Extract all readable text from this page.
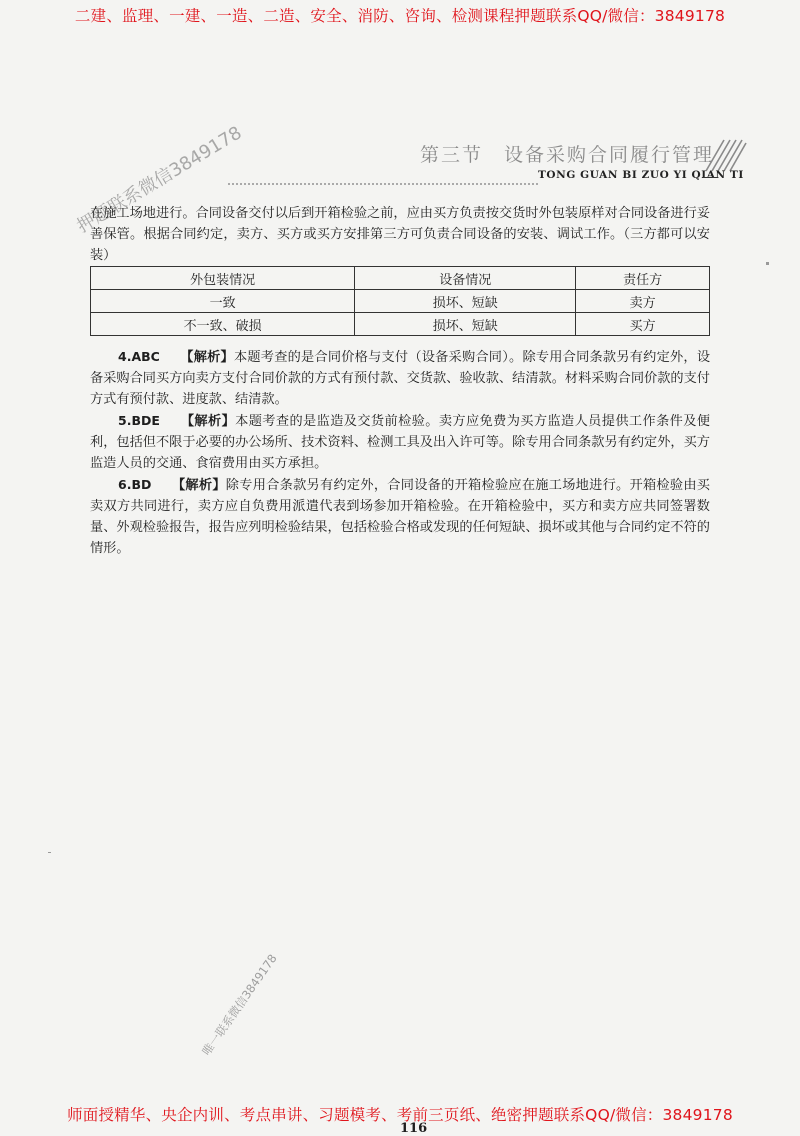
二建、监理、一建、一造、二造、安全、消防、咨询、检测课程押题联系QQ/微信：3849178
第三节　设备采购合同履行管理
TONG GUAN BI ZUO YI QIAN TI
押题联系微信3849178

在施工场地进行。合同设备交付以后到开箱检验之前，应由买方负责按交货时外包装原样对合同设备进行妥善保管。根据合同约定，卖方、买方或买方安排第三方可负责合同设备的安装、调试工作。（三方都可以安装）

外包装情况	设备情况	责任方
一致	损坏、短缺	卖方
不一致、破损	损坏、短缺	买方

4.ABC　　 【解析】本题考查的是合同价格与支付（设备采购合同）。除专用合同条款另有约定外，设备采购合同买方向卖方支付合同价款的方式有预付款、交货款、验收款、结清款。材料采购合同价款的支付方式有预付款、进度款、结清款。

5.BDE　　 【解析】本题考查的是监造及交货前检验。卖方应免费为买方监造人员提供工作条件及便利，包括但不限于必要的办公场所、技术资料、检测工具及出入许可等。除专用合同条款另有约定外，买方监造人员的交通、食宿费用由买方承担。

6.BD　　 【解析】除专用合条款另有约定外，合同设备的开箱检验应在施工场地进行。开箱检验由买卖双方共同进行，卖方应自负费用派遣代表到场参加开箱检验。在开箱检验中，买方和卖方应共同签署数量、外观检验报告，报告应列明检验结果，包括检验合格或发现的任何短缺、损坏或其他与合同约定不符的情形。

唯一联系微信3849178
师面授精华、央企内训、考点串讲、习题模考、考前三页纸、绝密押题联系QQ/微信：3849178
116
